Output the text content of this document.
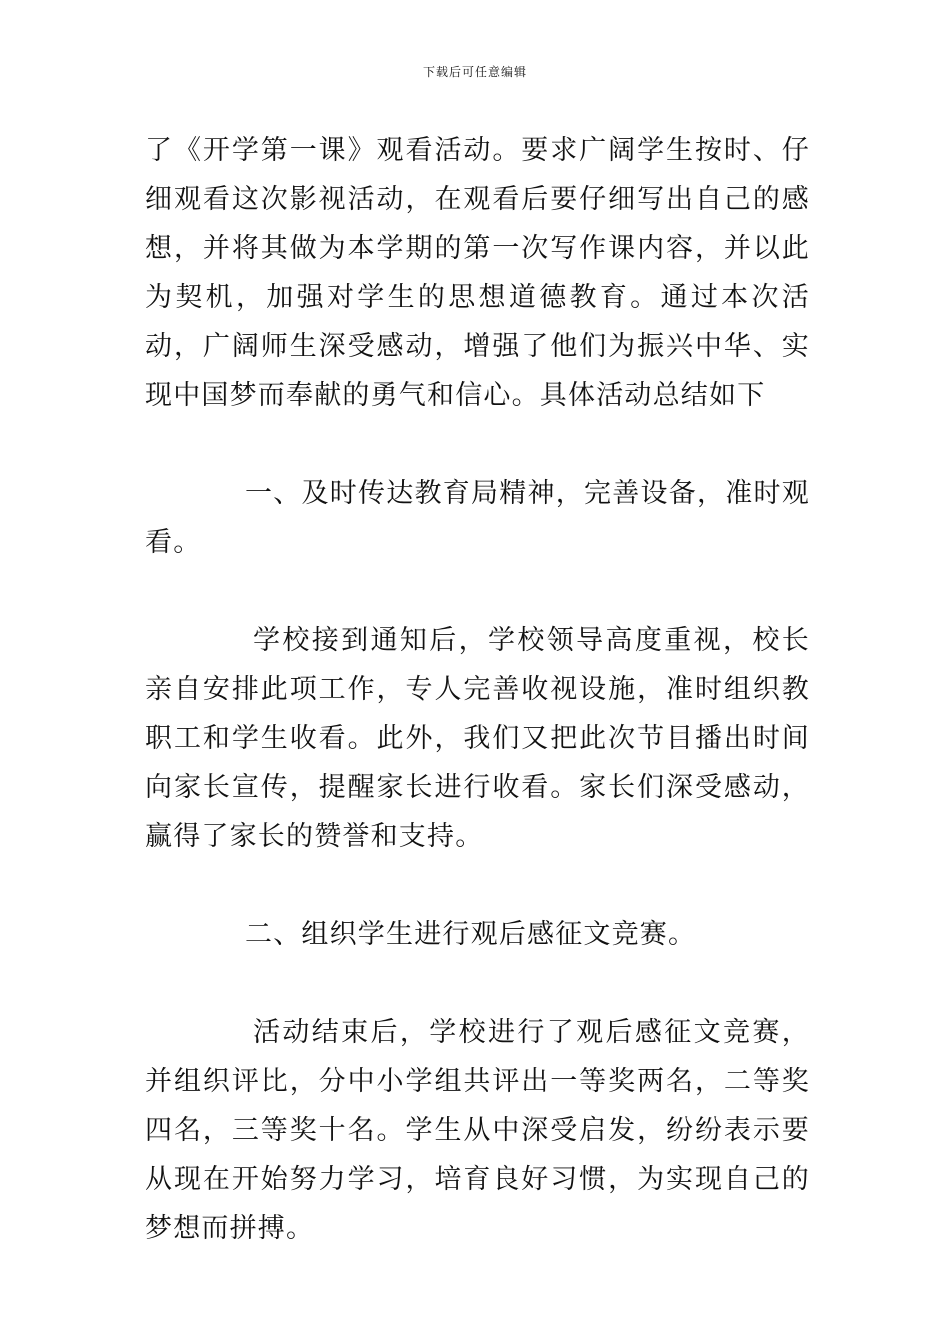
下载后可任意编辑

了《开学第一课》观看活动。要求广阔学生按时、仔细观看这次影视活动，在观看后要仔细写出自己的感想，并将其做为本学期的第一次写作课内容，并以此为契机，加强对学生的思想道德教育。通过本次活动，广阔师生深受感动，增强了他们为振兴中华、实现中国梦而奉献的勇气和信心。具体活动总结如下

一、及时传达教育局精神，完善设备，准时观看。

学校接到通知后，学校领导高度重视，校长亲自安排此项工作，专人完善收视设施，准时组织教职工和学生收看。此外，我们又把此次节目播出时间向家长宣传，提醒家长进行收看。家长们深受感动，赢得了家长的赞誉和支持。

二、组织学生进行观后感征文竞赛。

活动结束后，学校进行了观后感征文竞赛，并组织评比，分中小学组共评出一等奖两名，二等奖四名，三等奖十名。学生从中深受启发，纷纷表示要从现在开始努力学习，培育良好习惯，为实现自己的梦想而拼搏。
